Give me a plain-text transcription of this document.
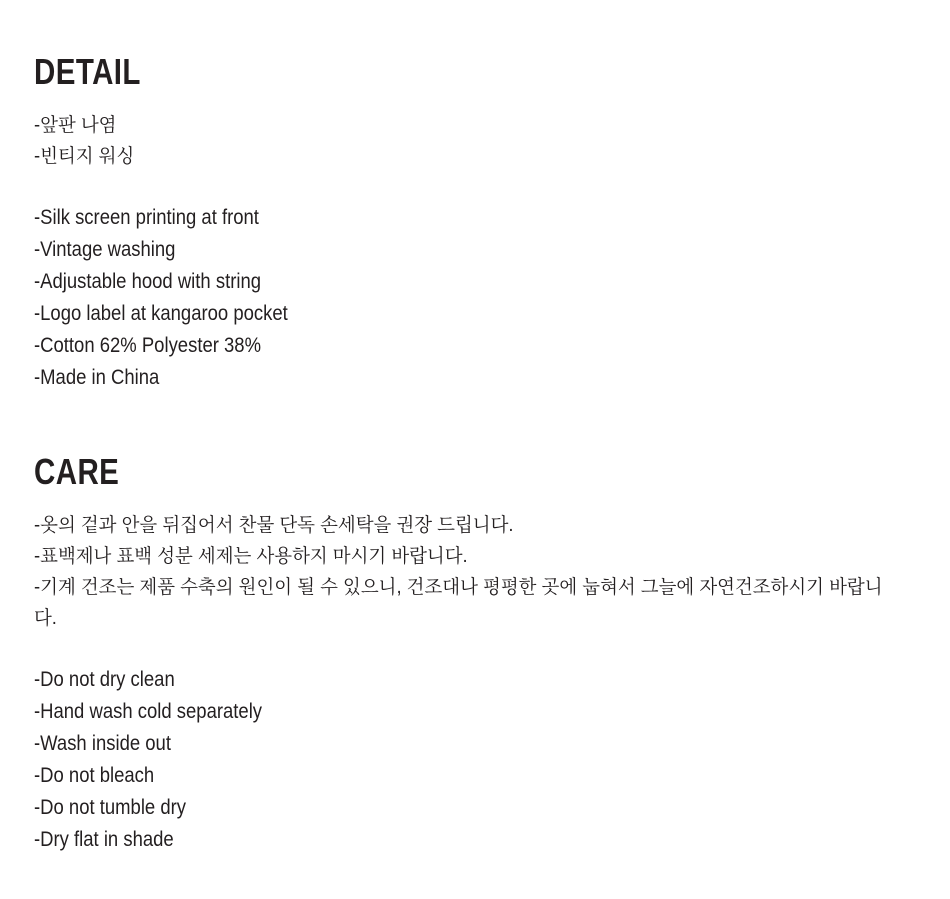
DETAIL

-앞판 나염

-빈티지 워싱

-Silk screen printing at front

-Vintage washing

-Adjustable hood with string

-Logo label at kangaroo pocket

-Cotton 62% Polyester 38%

-Made in China

CARE

-옷의 겉과 안을 뒤집어서 찬물 단독 손세탁을 권장 드립니다.

-표백제나 표백 성분 세제는 사용하지 마시기 바랍니다.

-기계 건조는 제품 수축의 원인이 될 수 있으니, 건조대나 평평한 곳에 눕혀서 그늘에 자연건조하시기 바랍니다.

-Do not dry clean

-Hand wash cold separately

-Wash inside out

-Do not bleach

-Do not tumble dry

-Dry flat in shade
